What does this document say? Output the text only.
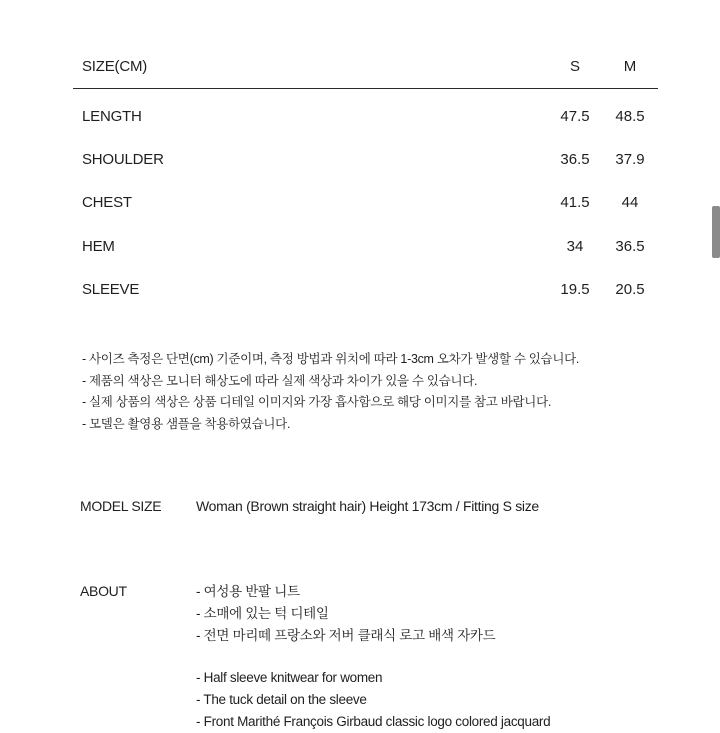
SIZE(CM)	S	M
LENGTH	47.5	48.5
SHOULDER	36.5	37.9
CHEST	41.5	44
HEM	34	36.5
SLEEVE	19.5	20.5
- 사이즈 측정은 단면(cm) 기준이며, 측정 방법과 위치에 따라 1-3cm 오차가 발생할 수 있습니다.
- 제품의 색상은 모니터 해상도에 따라 실제 색상과 차이가 있을 수 있습니다.
- 실제 상품의 색상은 상품 디테일 이미지와 가장 흡사함으로 해당 이미지를 참고 바랍니다.
- 모델은 촬영용 샘플을 착용하였습니다.
MODEL SIZE Woman (Brown straight hair) Height 173cm / Fitting S size
ABOUT	- 여성용 반팔 니트
- 소매에 있는 턱 디테일
- 전면 마리떼 프랑소와 저버 클래식 로고 배색 자카드
- Half sleeve knitwear for women
- The tuck detail on the sleeve
- Front Marithé François Girbaud classic logo colored jacquard
